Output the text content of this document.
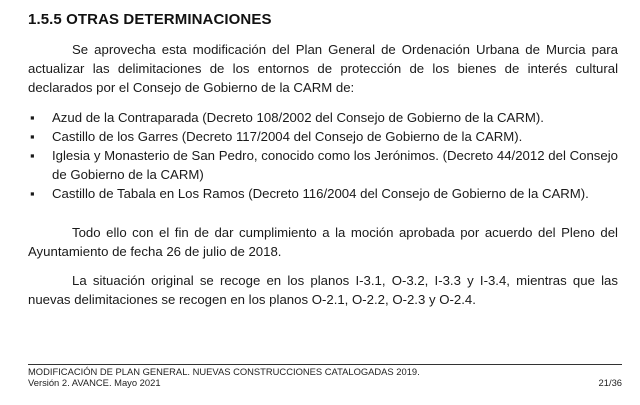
1.5.5 OTRAS DETERMINACIONES
Se aprovecha esta modificación del Plan General de Ordenación Urbana de Murcia para actualizar las delimitaciones de los entornos de protección de los bienes de interés cultural declarados por el Consejo de Gobierno de la CARM de:
▪ Azud de la Contraparada (Decreto 108/2002 del Consejo de Gobierno de la CARM).
▪ Castillo de los Garres (Decreto 117/2004 del Consejo de Gobierno de la CARM).
▪ Iglesia y Monasterio de San Pedro, conocido como los Jerónimos. (Decreto 44/2012 del Consejo de Gobierno de la CARM)
▪ Castillo de Tabala en Los Ramos (Decreto 116/2004 del Consejo de Gobierno de la CARM).
Todo ello con el fin de dar cumplimiento a la moción aprobada por acuerdo del Pleno del Ayuntamiento de fecha 26 de julio de 2018.
La situación original se recoge en los planos I-3.1, O-3.2, I-3.3 y I-3.4, mientras que las nuevas delimitaciones se recogen en los planos O-2.1, O-2.2, O-2.3 y O-2.4.
MODIFICACIÓN DE PLAN GENERAL. NUEVAS CONSTRUCCIONES CATALOGADAS 2019.
Versión 2. AVANCE. Mayo 2021	21/36
